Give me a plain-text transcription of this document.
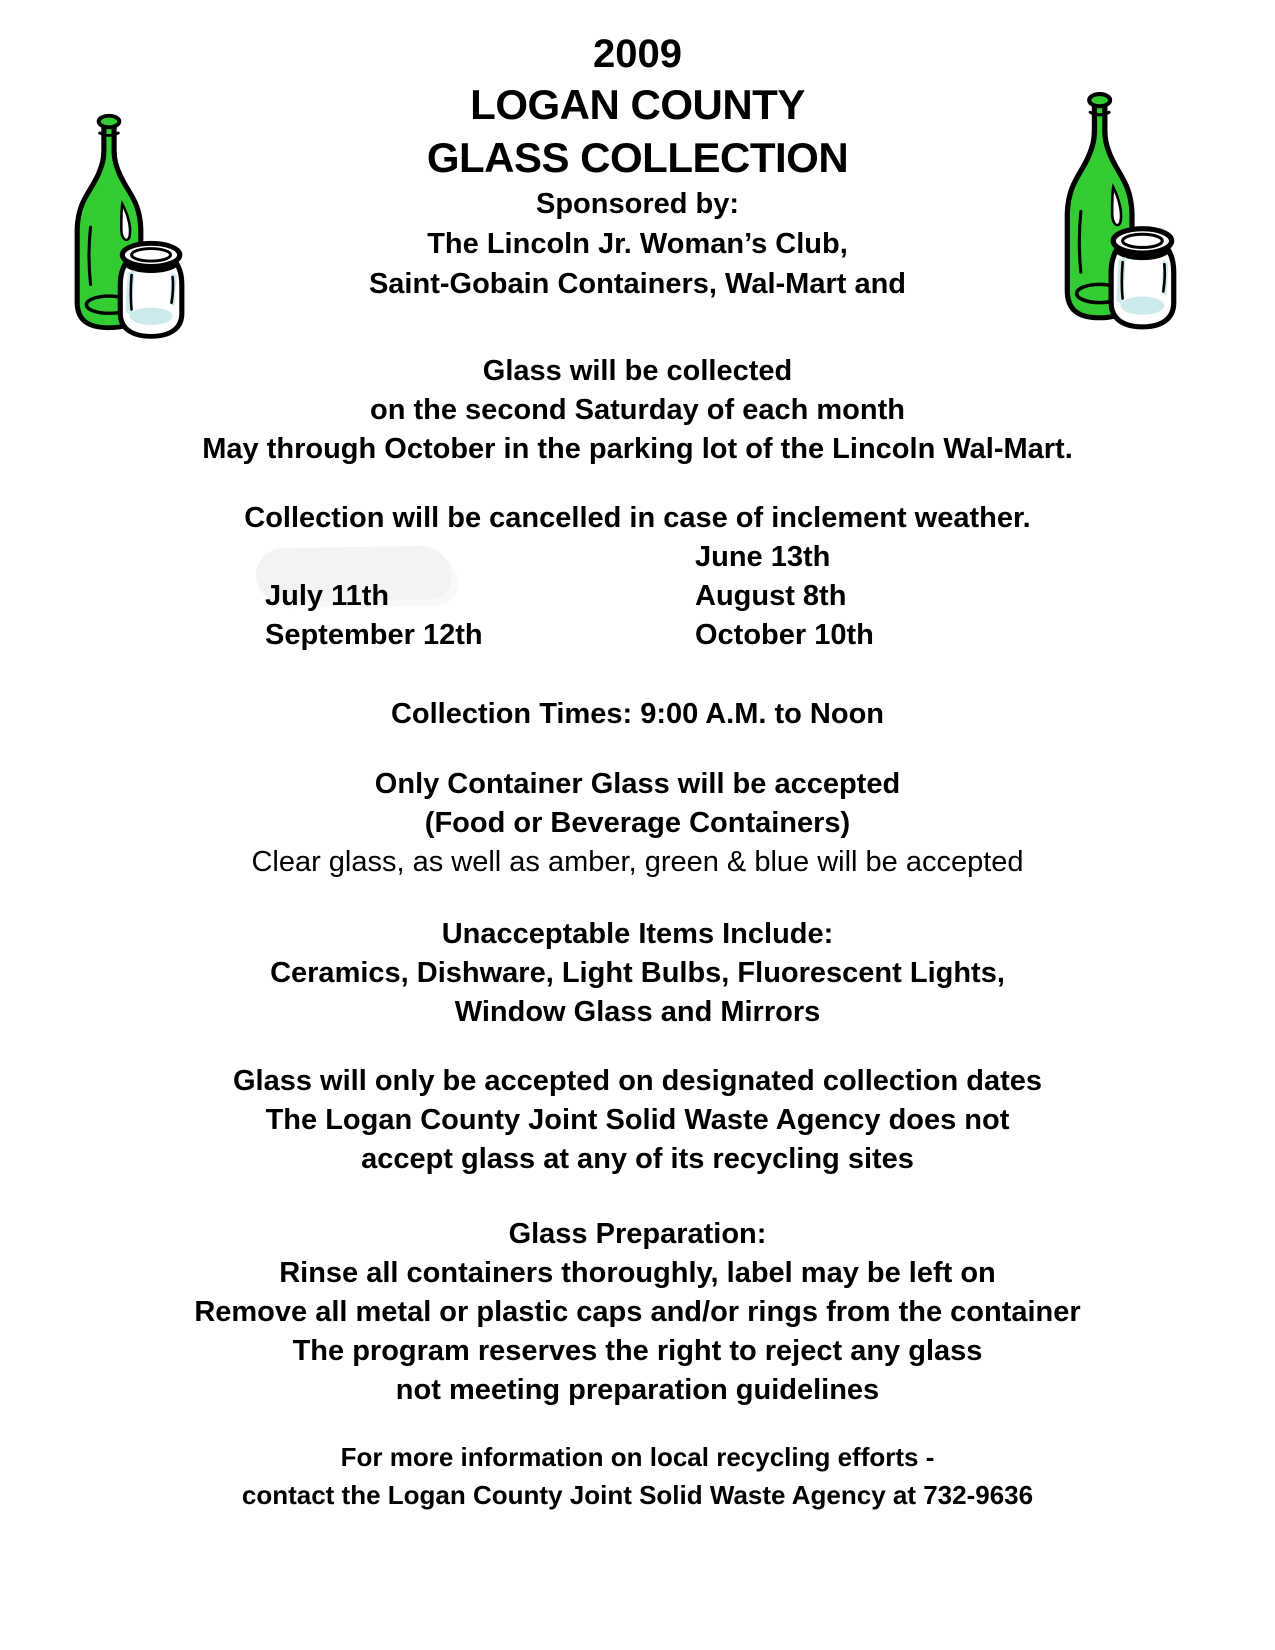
2009
LOGAN COUNTY
GLASS COLLECTION
Sponsored by:
The Lincoln Jr. Woman’s Club,
Saint-Gobain Containers, Wal-Mart and
Glass will be collected
on the second Saturday of each month
May through October in the parking lot of the Lincoln Wal-Mart.
Collection will be cancelled in case of inclement weather.
June 13th
July 11th	August 8th
September 12th	October 10th
Collection Times: 9:00 A.M. to Noon
Only Container Glass will be accepted
(Food or Beverage Containers)
Clear glass, as well as amber, green & blue will be accepted
Unacceptable Items Include:
Ceramics, Dishware, Light Bulbs, Fluorescent Lights,
Window Glass and Mirrors
Glass will only be accepted on designated collection dates
The Logan County Joint Solid Waste Agency does not
accept glass at any of its recycling sites
Glass Preparation:
Rinse all containers thoroughly, label may be left on
Remove all metal or plastic caps and/or rings from the container
The program reserves the right to reject any glass
not meeting preparation guidelines
For more information on local recycling efforts -
contact the Logan County Joint Solid Waste Agency at 732-9636
